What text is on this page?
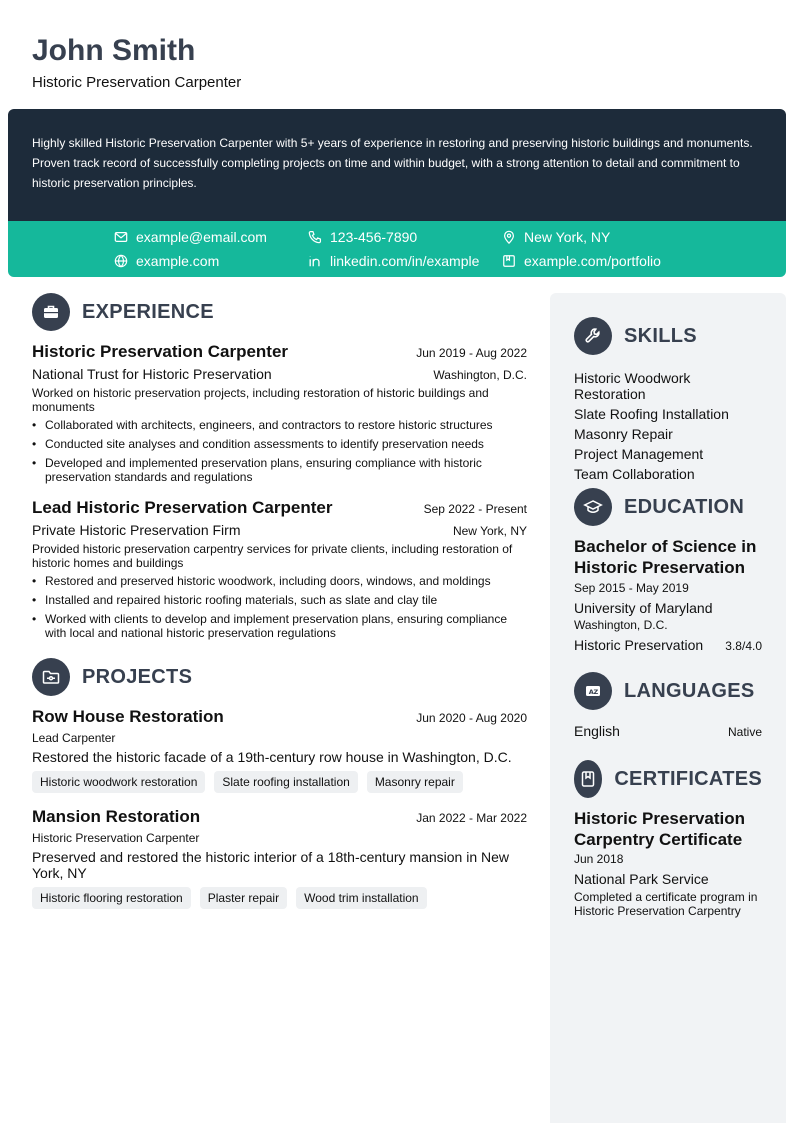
John Smith
Historic Preservation Carpenter

Highly skilled Historic Preservation Carpenter with 5+ years of experience in restoring and preserving historic buildings and monuments. Proven track record of successfully completing projects on time and within budget, with a strong attention to detail and commitment to historic preservation principles.

example@email.com	123-456-7890	New York, NY
example.com	linkedin.com/in/example	example.com/portfolio
EXPERIENCE
Historic Preservation Carpenter	Jun 2019 - Aug 2022
National Trust for Historic Preservation	Washington, D.C.
Worked on historic preservation projects, including restoration of historic buildings and monuments
• Collaborated with architects, engineers, and contractors to restore historic structures
• Conducted site analyses and condition assessments to identify preservation needs
• Developed and implemented preservation plans, ensuring compliance with historic preservation standards and regulations
Lead Historic Preservation Carpenter	Sep 2022 - Present
Private Historic Preservation Firm	New York, NY
Provided historic preservation carpentry services for private clients, including restoration of historic homes and buildings
• Restored and preserved historic woodwork, including doors, windows, and moldings
• Installed and repaired historic roofing materials, such as slate and clay tile
• Worked with clients to develop and implement preservation plans, ensuring compliance with local and national historic preservation regulations
PROJECTS
Row House Restoration	Jun 2020 - Aug 2020
Lead Carpenter
Restored the historic facade of a 19th-century row house in Washington, D.C.
Historic woodwork restoration	Slate roofing installation	Masonry repair
Mansion Restoration	Jan 2022 - Mar 2022
Historic Preservation Carpenter
Preserved and restored the historic interior of a 18th-century mansion in New York, NY
Historic flooring restoration	Plaster repair	Wood trim installation
SKILLS
Historic Woodwork Restoration
Slate Roofing Installation
Masonry Repair
Project Management
Team Collaboration
EDUCATION
Bachelor of Science in Historic Preservation
Sep 2015 - May 2019
University of Maryland
Washington, D.C.
Historic Preservation 3.8/4.0
A Z LANGUAGES
English	Native
CERTIFICATES
Historic Preservation Carpentry Certificate
Jun 2018
National Park Service
Completed a certificate program in Historic Preservation Carpentry
